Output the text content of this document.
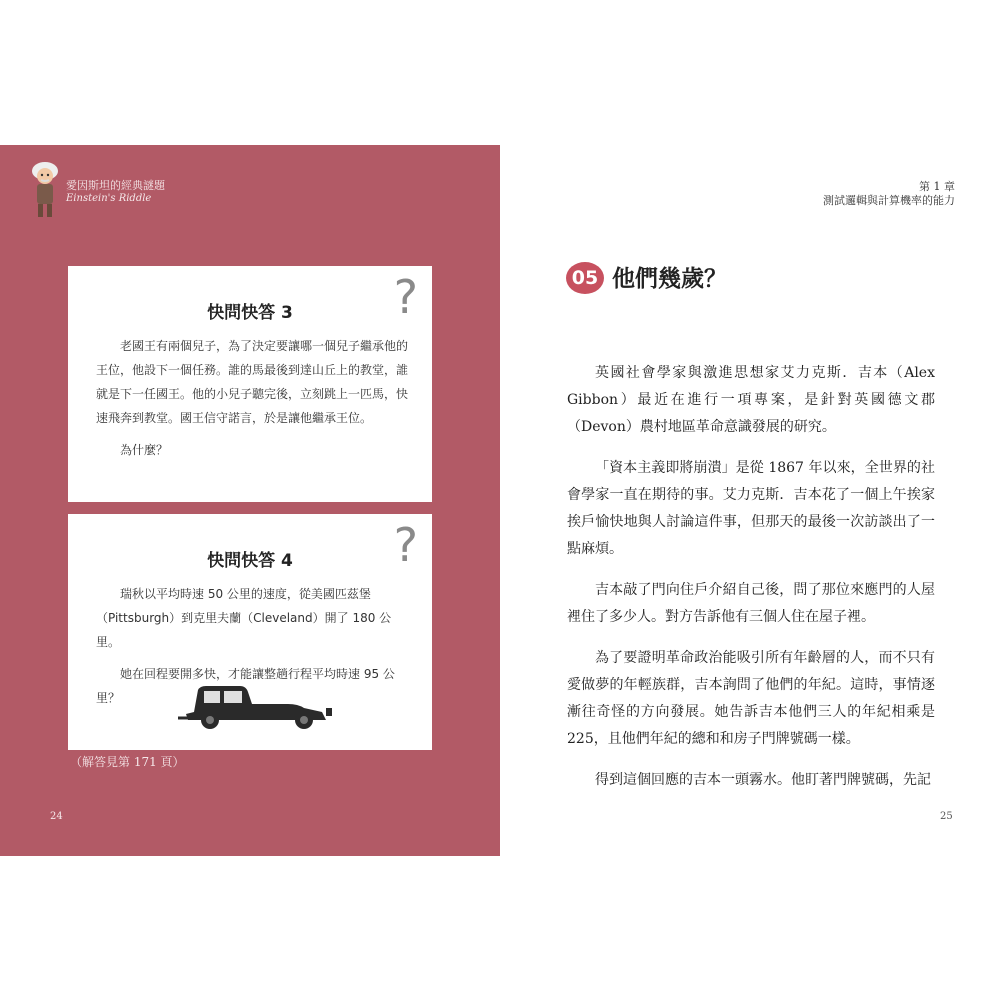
愛因斯坦的經典謎題
Einstein's Riddle
?
快問快答 3

老國王有兩個兒子，為了決定要讓哪一個兒子繼承他的王位，他設下一個任務。誰的馬最後到達山丘上的教堂，誰就是下一任國王。他的小兒子聽完後，立刻跳上一匹馬，快速飛奔到教堂。國王信守諾言，於是讓他繼承王位。

為什麼？

?
快問快答 4

瑞秋以平均時速 50 公里的速度，從美國匹茲堡（Pittsburgh）到克里夫蘭（Cleveland）開了 180 公里。

她在回程要開多快，才能讓整趟行程平均時速 95 公里？

（解答見第 171 頁）
24
第 1 章
測試邏輯與計算機率的能力
05 他們幾歲？

英國社會學家與激進思想家艾力克斯．吉本（Alex Gibbon）最近在進行一項專案，是針對英國德文郡（Devon）農村地區革命意識發展的研究。

「資本主義即將崩潰」是從 1867 年以來，全世界的社會學家一直在期待的事。艾力克斯．吉本花了一個上午挨家挨戶愉快地與人討論這件事，但那天的最後一次訪談出了一點麻煩。

吉本敲了門向住戶介紹自己後，問了那位來應門的人屋裡住了多少人。對方告訴他有三個人住在屋子裡。

為了要證明革命政治能吸引所有年齡層的人，而不只有愛做夢的年輕族群，吉本詢問了他們的年紀。這時，事情逐漸往奇怪的方向發展。她告訴吉本他們三人的年紀相乘是 225，且他們年紀的總和和房子門牌號碼一樣。

得到這個回應的吉本一頭霧水。他盯著門牌號碼，先記

25
